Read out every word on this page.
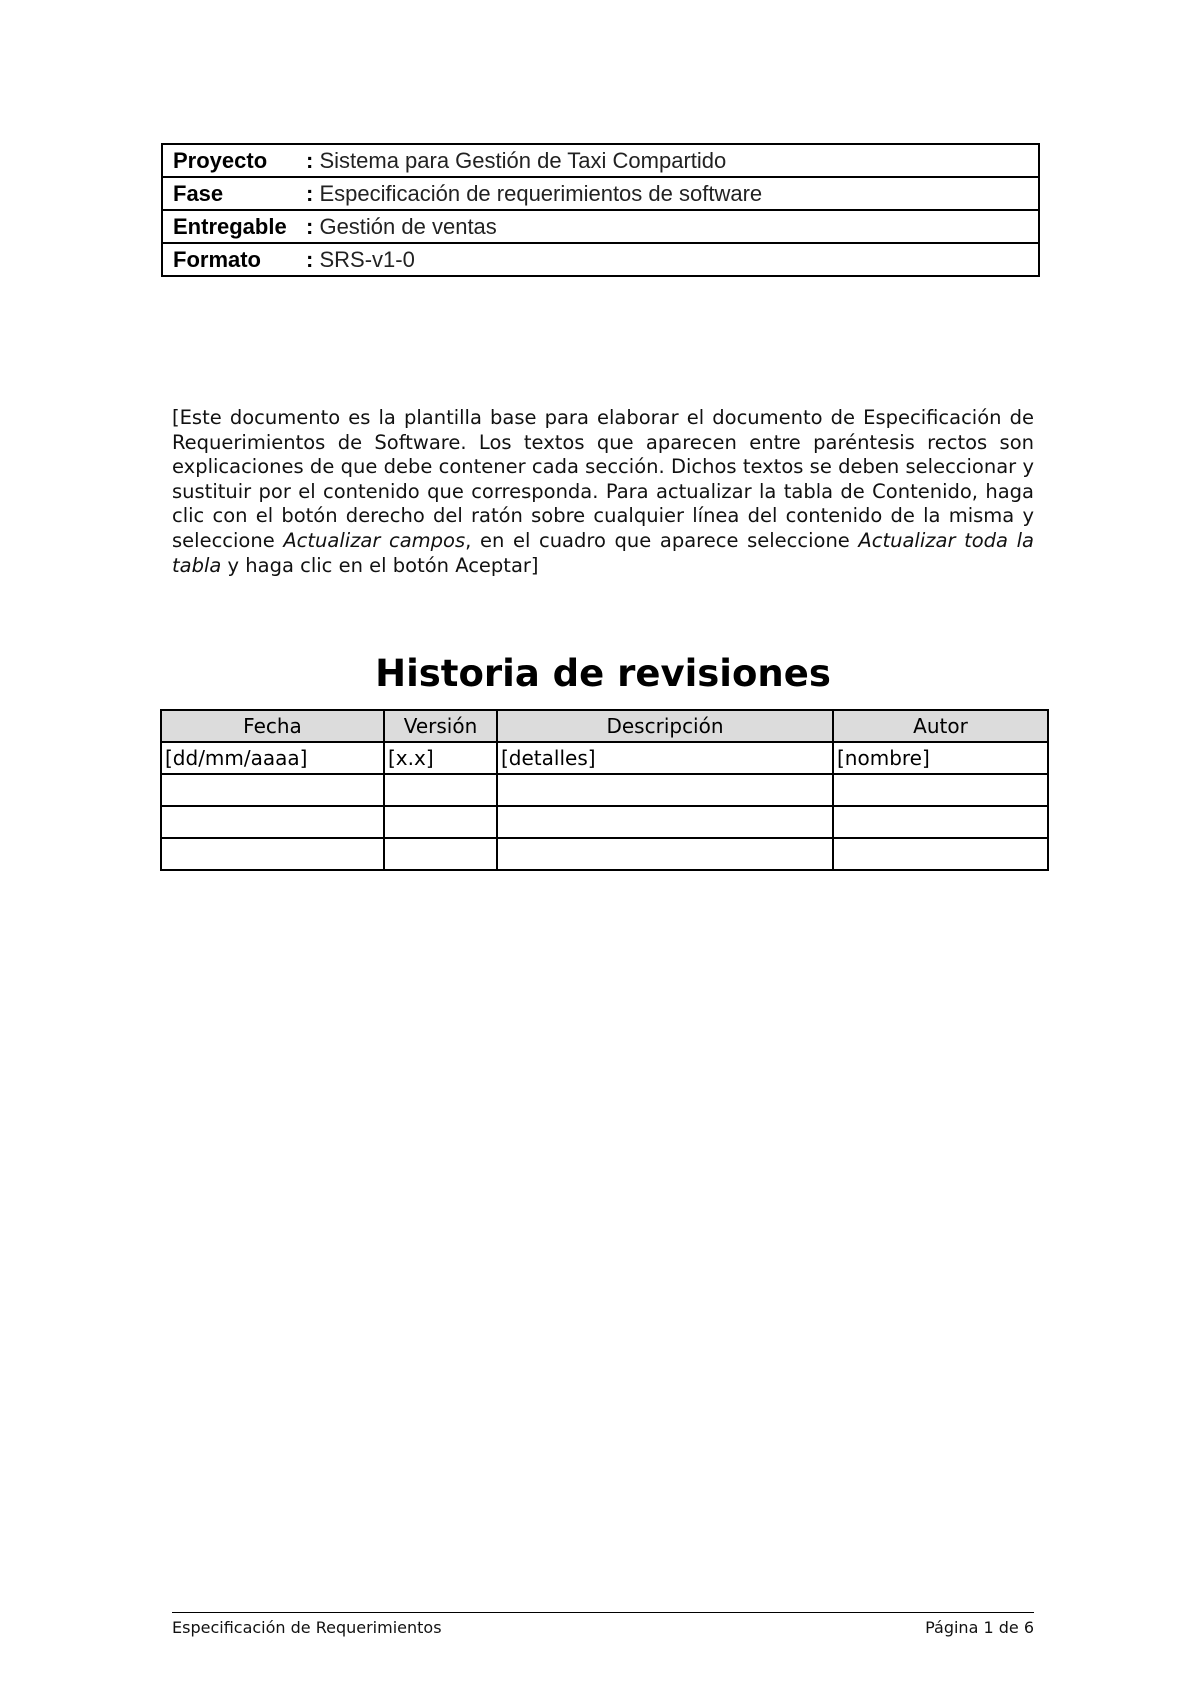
Proyecto : Sistema para Gestión de Taxi Compartido
Fase	: Especificación de requerimientos de software
Entregable : Gestión de ventas
Formato : SRS-v1-0

[Este documento es la plantilla base para elaborar el documento de Especificación de Requerimientos de Software. Los textos que aparecen entre paréntesis rectos son explicaciones de que debe contener cada sección. Dichos textos se deben seleccionar y sustituir por el contenido que corresponda. Para actualizar la tabla de Contenido, haga clic con el botón derecho del ratón sobre cualquier línea del contenido de la misma y seleccione Actualizar campos, en el cuadro que aparece seleccione Actualizar toda la tabla y haga clic en el botón Aceptar]

Historia de revisiones
Fecha	Versión	Descripción	Autor
[dd/mm/aaaa]	[x.x]	[detalles]	[nombre]

Especificación de Requerimientos	Página 1 de 6
